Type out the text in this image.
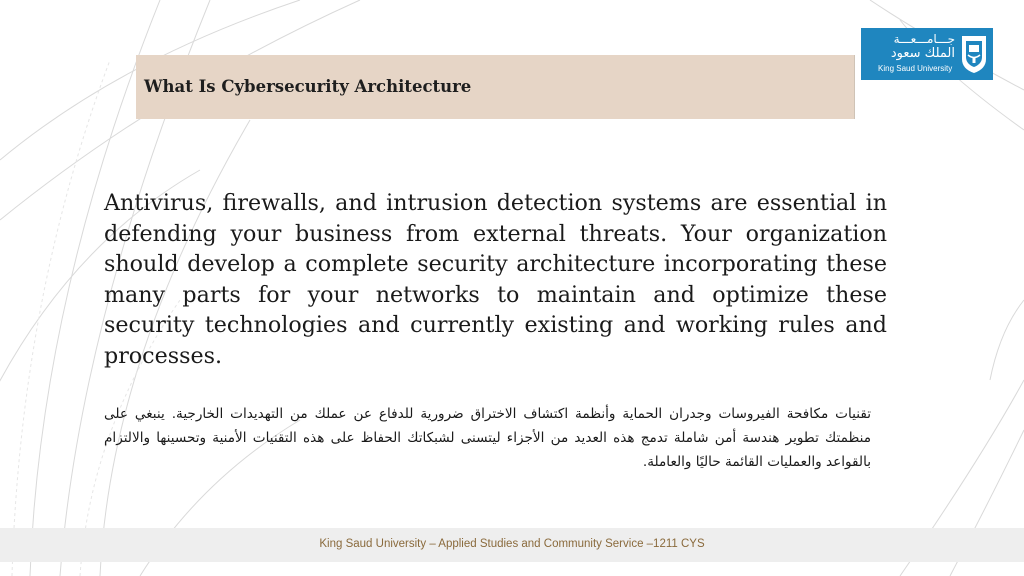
What Is Cybersecurity Architecture
جـــامـــعـــة
الملك سعود
King Saud University
Antivirus, firewalls, and intrusion detection systems are essential in defending your business from external threats. Your organization should develop a complete security architecture incorporating these many parts for your networks to maintain and optimize these security technologies and currently existing and working rules and processes.
تقنيات مكافحة الفيروسات وجدران الحماية وأنظمة اكتشاف الاختراق ضرورية للدفاع عن عملك من التهديدات الخارجية. ينبغي على منظمتك تطوير هندسة أمن شاملة تدمج هذه العديد من الأجزاء ليتسنى لشبكاتك الحفاظ على هذه التقنيات الأمنية وتحسينها والالتزام بالقواعد والعمليات القائمة حاليًا والعاملة.
King Saud University – Applied Studies and Community Service –1211 CYS
